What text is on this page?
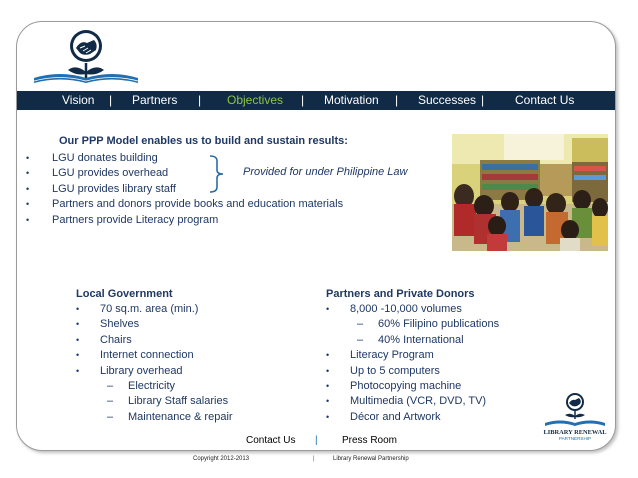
Vision | Partners | Objectives | Motivation | Successes |	Contact Us
Our PPP Model enables us to build and sustain results:
• LGU donates building
• LGU provides overhead
• LGU provides library staff
• Partners and donors provide books and education materials
• Partners provide Literacy program
Provided for under Philippine Law
Local Government
• 70 sq.m. area (min.)
• Shelves
• Chairs
• Internet connection
• Library overhead
– Electricity
– Library Staff salaries
– Maintenance & repair
Partners and Private Donors
• 8,000 -10,000 volumes
– 60% Filipino publications
– 40% International
• Literacy Program
• Up to 5 computers
• Photocopying machine
• Multimedia (VCR, DVD, TV)
• Décor and Artwork
LIBRARY RENEWAL
PARTNERSHIP
Contact Us | Press Room
Copyright 2012-2013	|	Library Renewal Partnership
